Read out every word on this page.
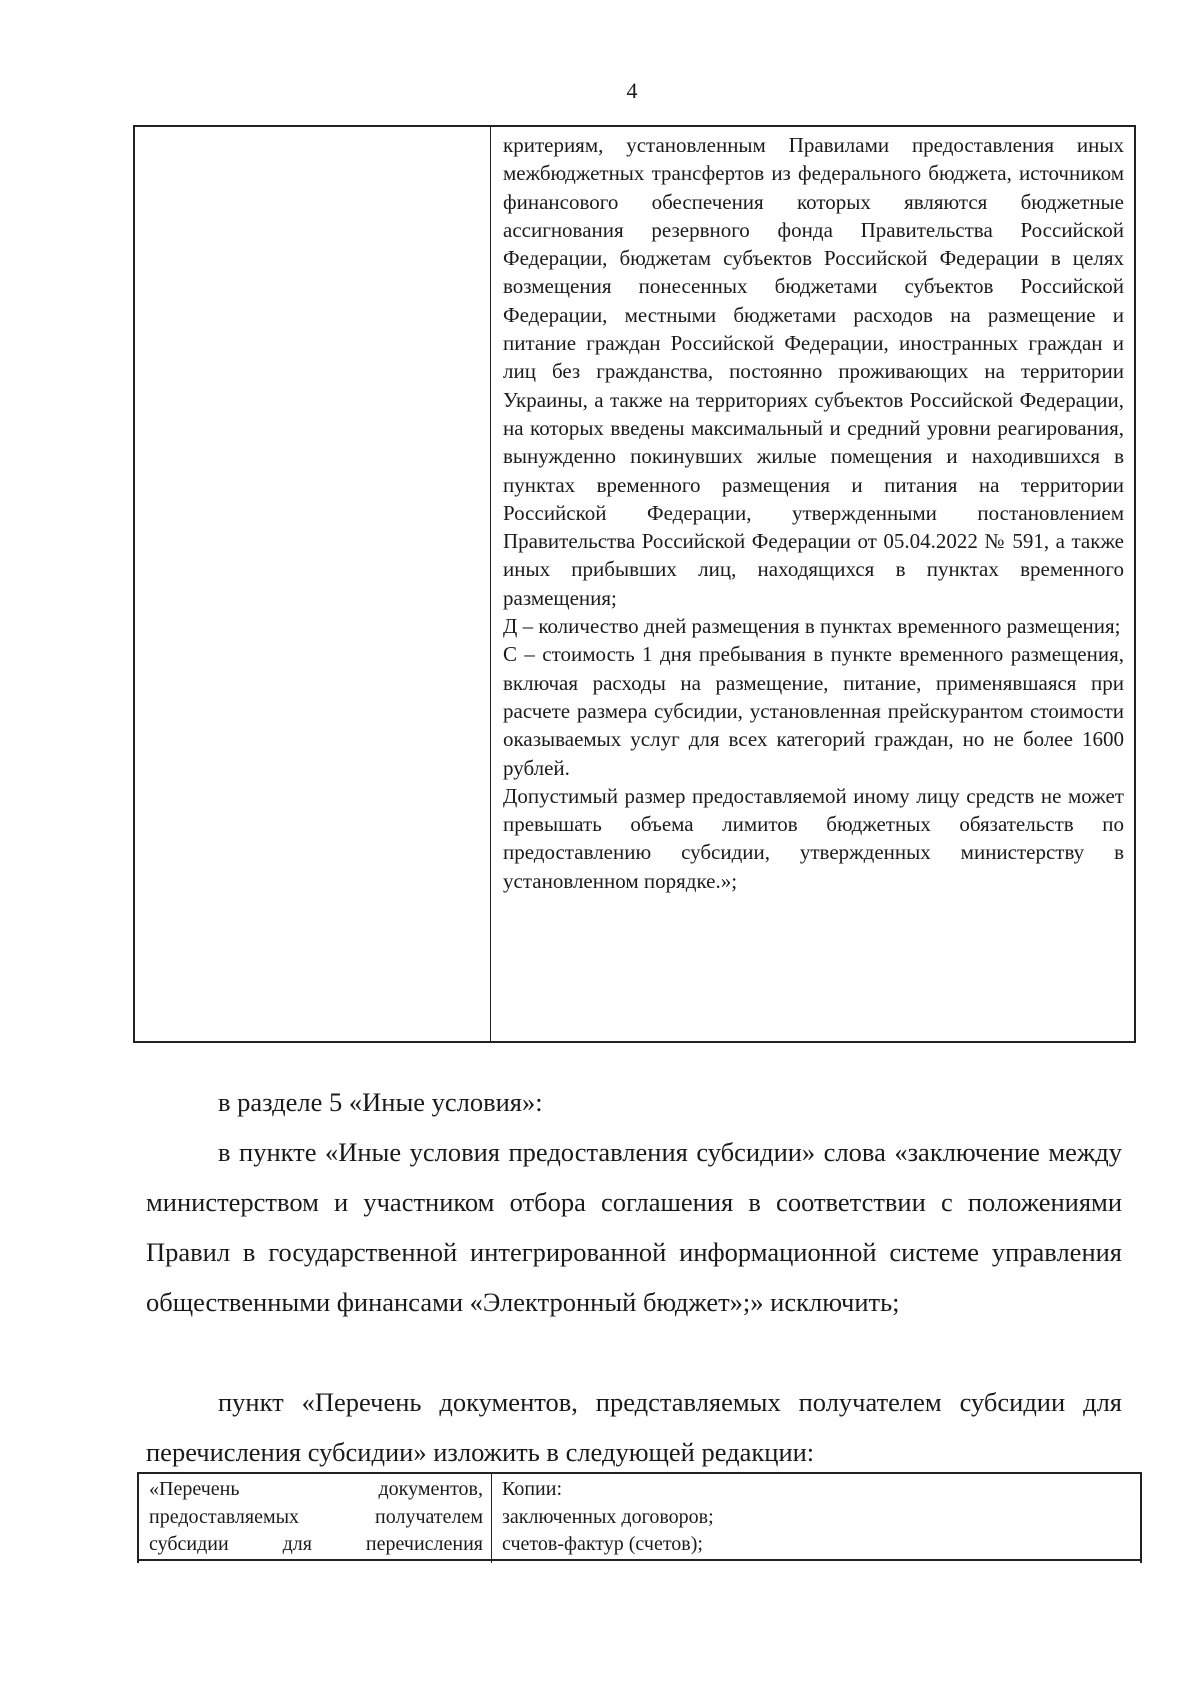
4

критериям, установленным Правилами предоставления иных межбюджетных трансфертов из федерального бюджета, источником финансового обеспечения которых являются бюджетные ассигнования резервного фонда Правительства Российской Федерации, бюджетам субъектов Российской Федерации в целях возмещения понесенных бюджетами субъектов Российской Федерации, местными бюджетами расходов на размещение и питание граждан Российской Федерации, иностранных граждан и лиц без гражданства, постоянно проживающих на территории Украины, а также на территориях субъектов Российской Федерации, на которых введены максимальный и средний уровни реагирования, вынужденно покинувших жилые помещения и находившихся в пунктах временного размещения и питания на территории Российской Федерации, утвержденными постановлением Правительства Российской Федерации от 05.04.2022 № 591, а также иных прибывших лиц, находящихся в пунктах временного размещения;

Д – количество дней размещения в пунктах временного размещения;

С – стоимость 1 дня пребывания в пункте временного размещения, включая расходы на размещение, питание, применявшаяся при расчете размера субсидии, установленная прейскурантом стоимости оказываемых услуг для всех категорий граждан, но не более 1600 рублей.

Допустимый размер предоставляемой иному лицу средств не может превышать объема лимитов бюджетных обязательств по предоставлению субсидии, утвержденных министерству в установленном порядке.»;

в разделе 5 «Иные условия»:

в пункте «Иные условия предоставления субсидии» слова «заключение между министерством и участником отбора соглашения в соответствии с положениями Правил в государственной интегрированной информационной системе управления общественными финансами «Электронный бюджет»;» исключить;

пункт «Перечень документов, представляемых получателем субсидии для перечисления субсидии» изложить в следующей редакции:

«Перечень документов,

предоставляемых получателем

субсидии для перечисления

Копии:

заключенных договоров;

счетов-фактур (счетов);
